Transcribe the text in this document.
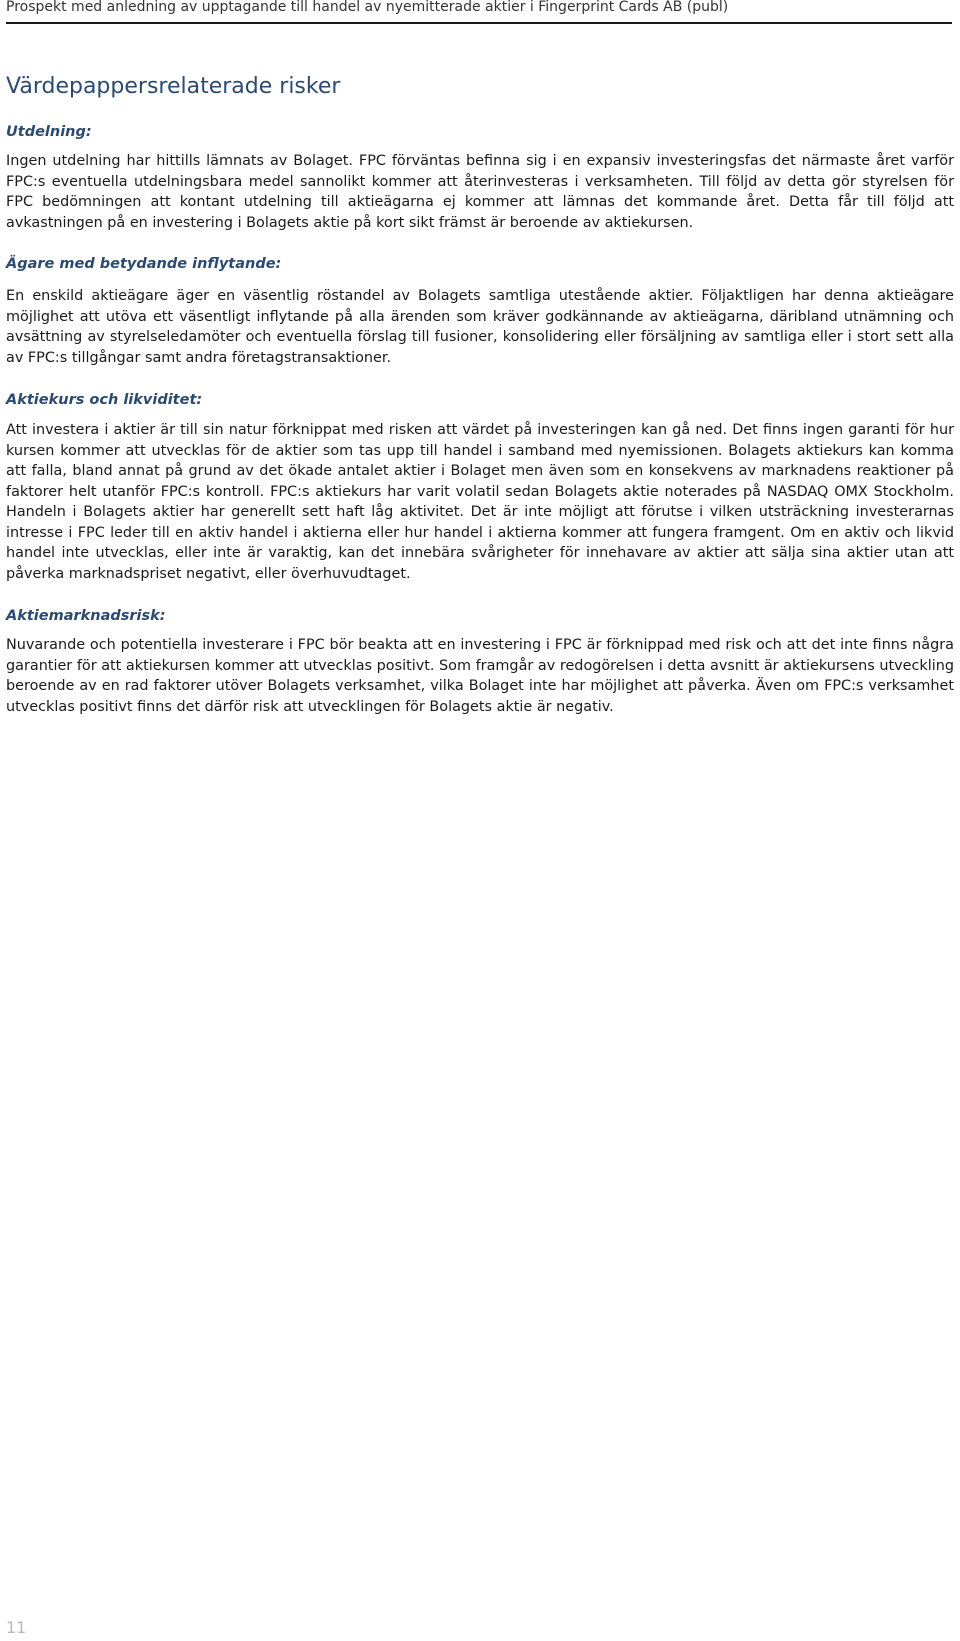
Prospekt med anledning av upptagande till handel av nyemitterade aktier i Fingerprint Cards AB (publ)
Värdepappersrelaterade risker
Utdelning:

Ingen utdelning har hittills lämnats av Bolaget. FPC förväntas befinna sig i en expansiv investeringsfas det närmaste året varför FPC:s eventuella utdelningsbara medel sannolikt kommer att återinvesteras i verksamheten. Till följd av detta gör styrelsen för FPC bedömningen att kontant utdelning till aktieägarna ej kommer att lämnas det kommande året. Detta får till följd att avkastningen på en investering i Bolagets aktie på kort sikt främst är beroende av aktiekursen.

Ägare med betydande inflytande:

En enskild aktieägare äger en väsentlig röstandel av Bolagets samtliga utestående aktier. Följaktligen har denna aktieägare möjlighet att utöva ett väsentligt inflytande på alla ärenden som kräver godkännande av aktieägarna, däribland utnämning och avsättning av styrelseledamöter och eventuella förslag till fusioner, konsolidering eller försäljning av samtliga eller i stort sett alla av FPC:s tillgångar samt andra företagstransaktioner.

Aktiekurs och likviditet:

Att investera i aktier är till sin natur förknippat med risken att värdet på investeringen kan gå ned. Det finns ingen garanti för hur kursen kommer att utvecklas för de aktier som tas upp till handel i samband med nyemissionen. Bolagets aktiekurs kan komma att falla, bland annat på grund av det ökade antalet aktier i Bolaget men även som en konsekvens av marknadens reaktioner på faktorer helt utanför FPC:s kontroll. FPC:s aktiekurs har varit volatil sedan Bolagets aktie noterades på NASDAQ OMX Stockholm. Handeln i Bolagets aktier har generellt sett haft låg aktivitet. Det är inte möjligt att förutse i vilken utsträckning investerarnas intresse i FPC leder till en aktiv handel i aktierna eller hur handel i aktierna kommer att fungera framgent. Om en aktiv och likvid handel inte utvecklas, eller inte är varaktig, kan det innebära svårigheter för innehavare av aktier att sälja sina aktier utan att påverka marknadspriset negativt, eller överhuvudtaget.

Aktiemarknadsrisk:

Nuvarande och potentiella investerare i FPC bör beakta att en investering i FPC är förknippad med risk och att det inte finns några garantier för att aktiekursen kommer att utvecklas positivt. Som framgår av redogörelsen i detta avsnitt är aktiekursens utveckling beroende av en rad faktorer utöver Bolagets verksamhet, vilka Bolaget inte har möjlighet att påverka. Även om FPC:s verksamhet utvecklas positivt finns det därför risk att utvecklingen för Bolagets aktie är negativ.

11
